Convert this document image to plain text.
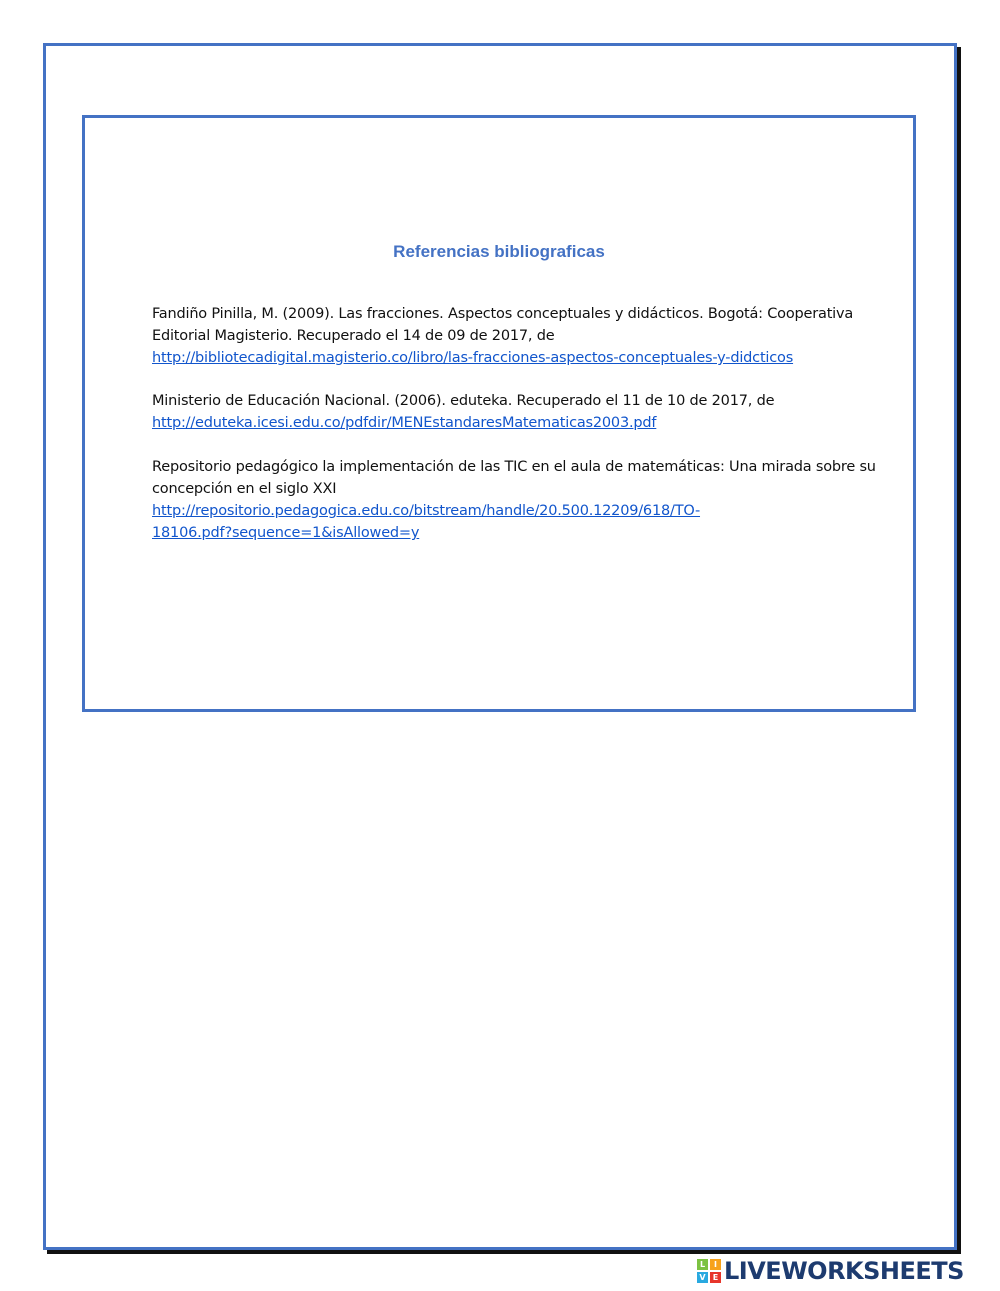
Referencias bibliograficas
Fandiño Pinilla, M. (2009). Las fracciones. Aspectos conceptuales y didácticos. Bogotá: Cooperativa
Editorial Magisterio. Recuperado el 14 de 09 de 2017, de
http://bibliotecadigital.magisterio.co/libro/las-fracciones-aspectos-conceptuales-y-didcticos
Ministerio de Educación Nacional. (2006). eduteka. Recuperado el 11 de 10 de 2017, de
http://eduteka.icesi.edu.co/pdfdir/MENEstandaresMatematicas2003.pdf
Repositorio pedagógico la implementación de las TIC en el aula de matemáticas: Una mirada sobre su
concepción en el siglo XXI
http://repositorio.pedagogica.edu.co/bitstream/handle/20.500.12209/618/TO-
18106.pdf?sequence=1&isAllowed=y
L	I
V E LIVEWORKSHEETS
